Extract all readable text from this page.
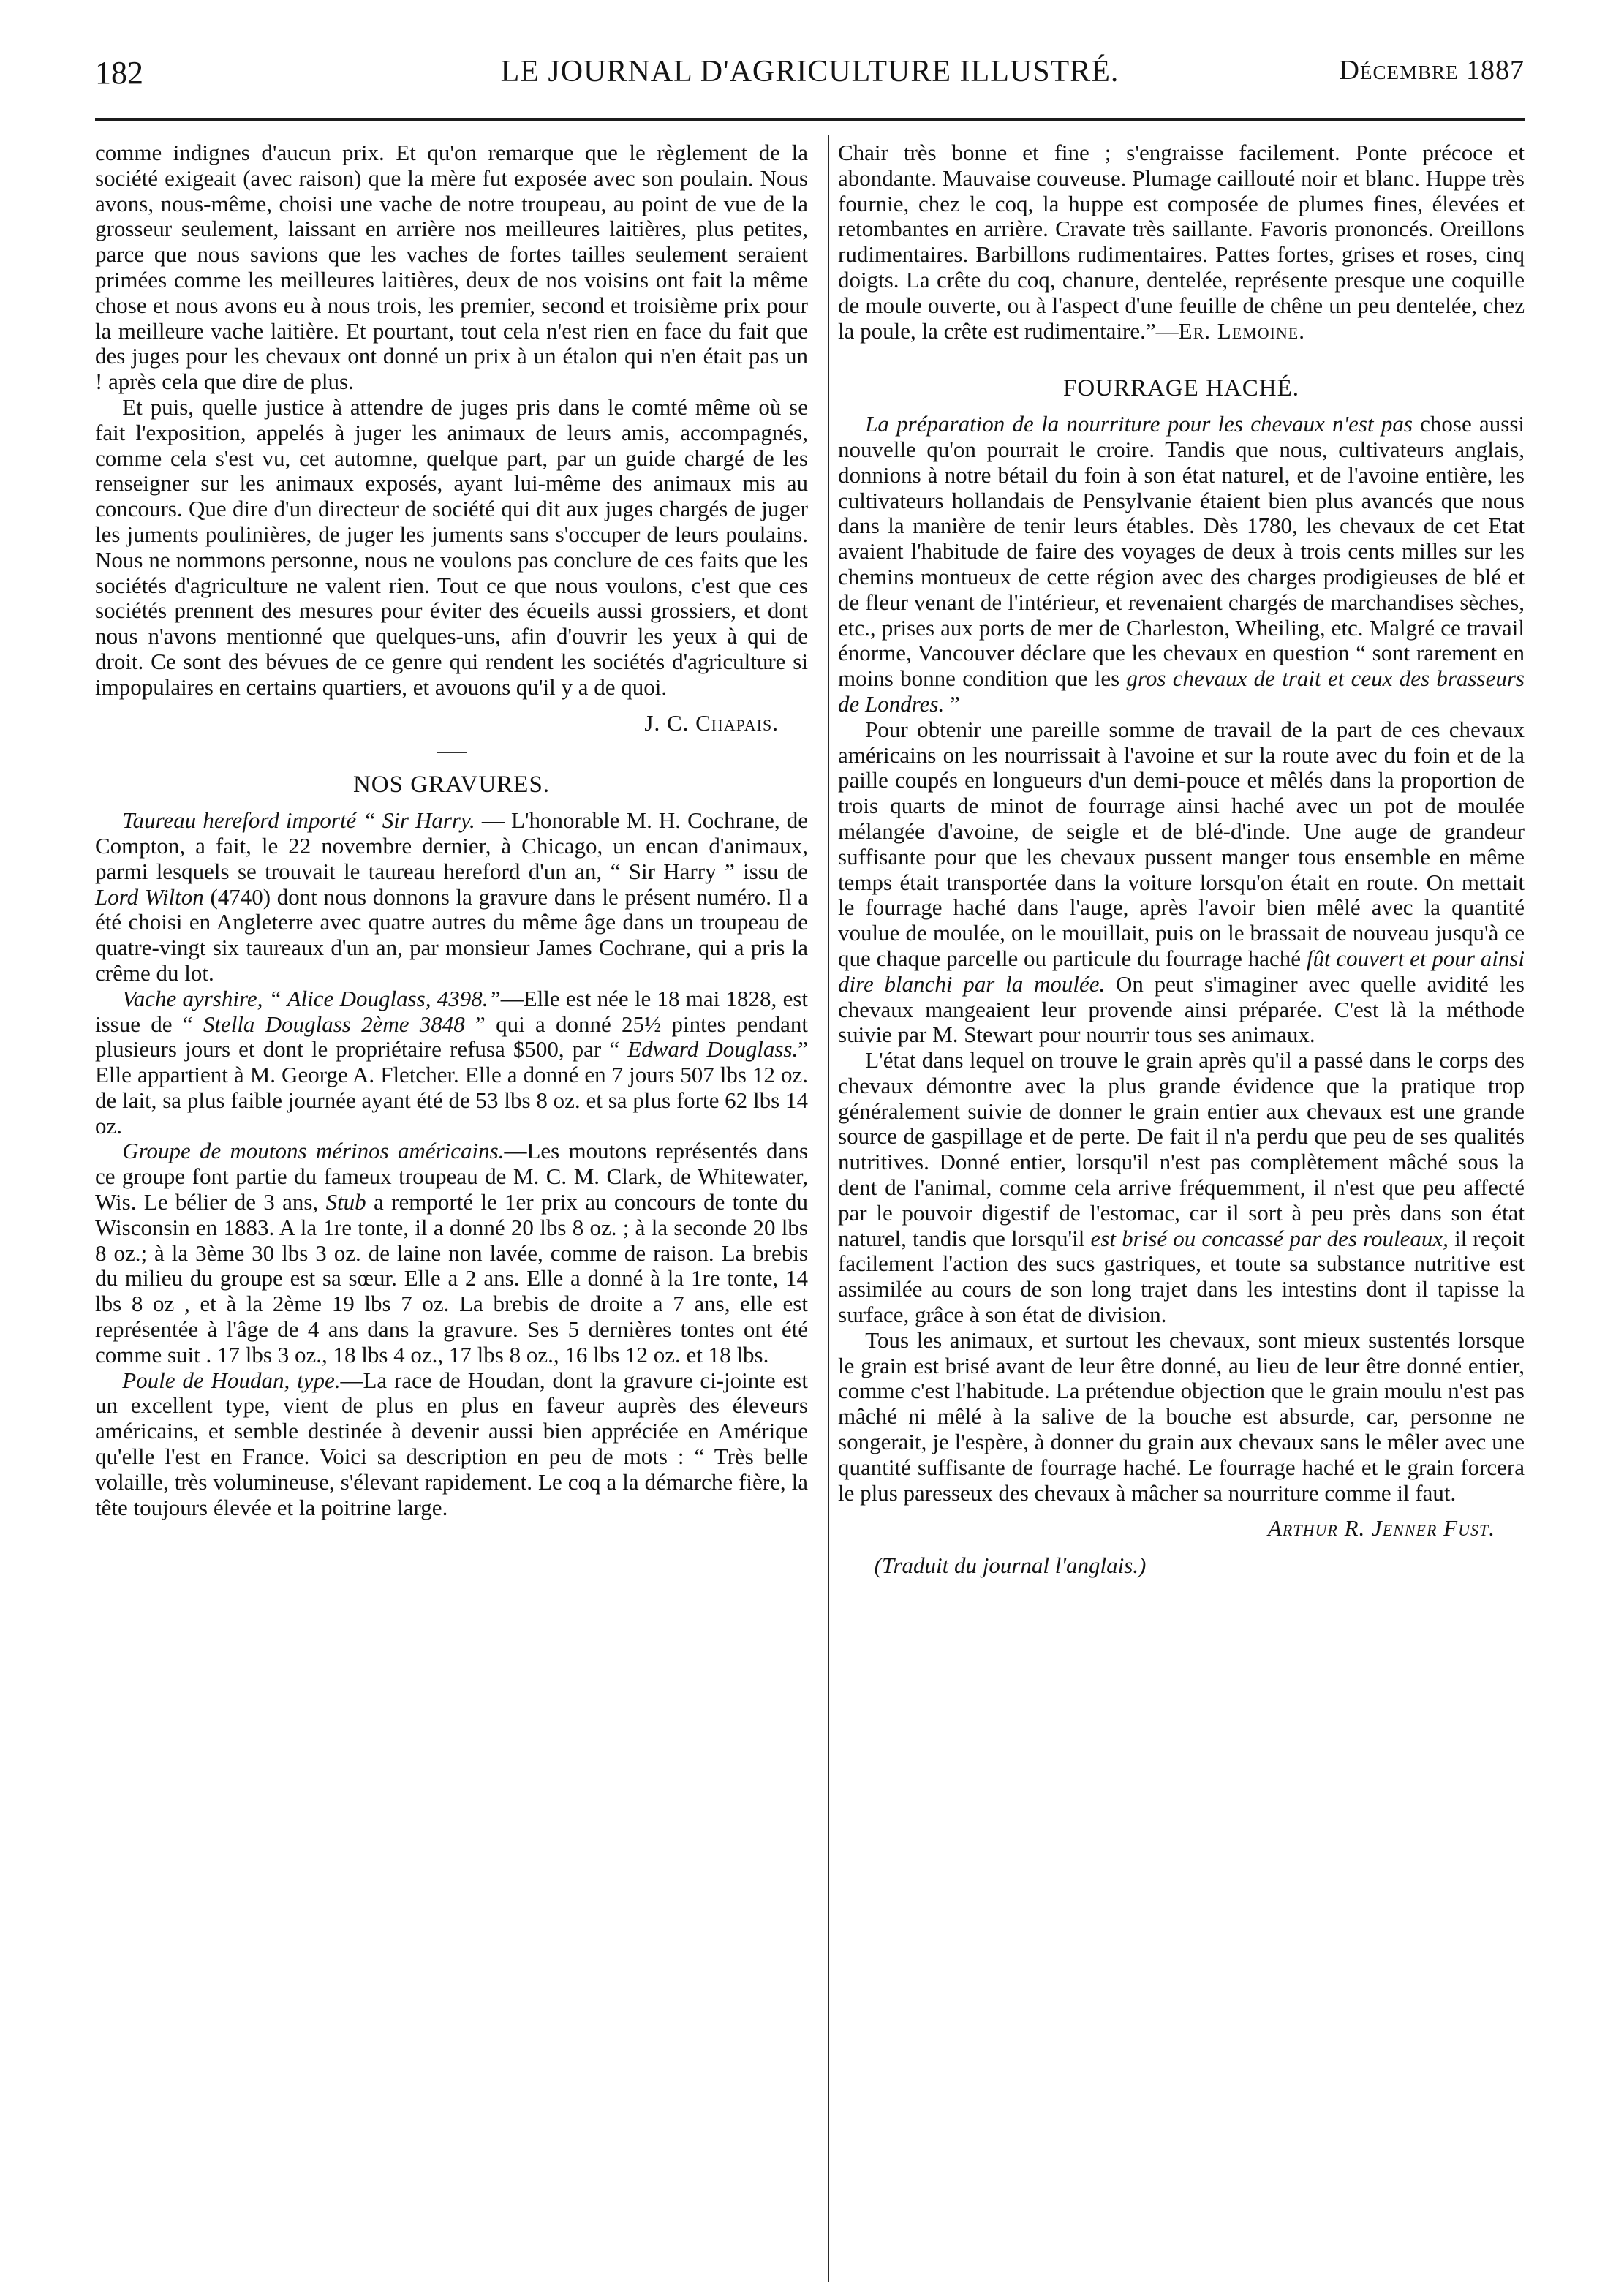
182	LE JOURNAL D'AGRICULTURE ILLUSTRÉ.	Décembre 1887

comme indignes d'aucun prix. Et qu'on remarque que le règlement de la société exigeait (avec raison) que la mère fut exposée avec son poulain. Nous avons, nous-même, choisi une vache de notre troupeau, au point de vue de la grosseur seulement, laissant en arrière nos meilleures laitières, plus petites, parce que nous savions que les vaches de fortes tailles seulement seraient primées comme les meilleures laitières, deux de nos voisins ont fait la même chose et nous avons eu à nous trois, les premier, second et troisième prix pour la meilleure vache laitière. Et pourtant, tout cela n'est rien en face du fait que des juges pour les chevaux ont donné un prix à un étalon qui n'en était pas un ! après cela que dire de plus.

Et puis, quelle justice à attendre de juges pris dans le comté même où se fait l'exposition, appelés à juger les animaux de leurs amis, accompagnés, comme cela s'est vu, cet automne, quelque part, par un guide chargé de les renseigner sur les animaux exposés, ayant lui-même des animaux mis au concours. Que dire d'un directeur de société qui dit aux juges chargés de juger les juments poulinières, de juger les juments sans s'occuper de leurs poulains. Nous ne nommons personne, nous ne voulons pas conclure de ces faits que les sociétés d'agriculture ne valent rien. Tout ce que nous voulons, c'est que ces sociétés prennent des mesures pour éviter des écueils aussi grossiers, et dont nous n'avons mentionné que quelques-uns, afin d'ouvrir les yeux à qui de droit. Ce sont des bévues de ce genre qui rendent les sociétés d'agriculture si impopulaires en certains quartiers, et avouons qu'il y a de quoi.

J. C. Chapais.

NOS GRAVURES.

Taureau hereford importé “ Sir Harry. — L'honorable M. H. Cochrane, de Compton, a fait, le 22 novembre dernier, à Chicago, un encan d'animaux, parmi lesquels se trouvait le taureau hereford d'un an, “ Sir Harry ” issu de Lord Wilton (4740) dont nous donnons la gravure dans le présent numéro. Il a été choisi en Angleterre avec quatre autres du même âge dans un troupeau de quatre-vingt six taureaux d'un an, par monsieur James Cochrane, qui a pris la crême du lot.

Vache ayrshire, “ Alice Douglass, 4398.”—Elle est née le 18 mai 1828, est issue de “ Stella Douglass 2ème 3848 ” qui a donné 25½ pintes pendant plusieurs jours et dont le propriétaire refusa $500, par “ Edward Douglass.” Elle appartient à M. George A. Fletcher. Elle a donné en 7 jours 507 lbs 12 oz. de lait, sa plus faible journée ayant été de 53 lbs 8 oz. et sa plus forte 62 lbs 14 oz.

Groupe de moutons mérinos américains.—Les moutons représentés dans ce groupe font partie du fameux troupeau de M. C. M. Clark, de Whitewater, Wis. Le bélier de 3 ans, Stub a remporté le 1er prix au concours de tonte du Wisconsin en 1883. A la 1re tonte, il a donné 20 lbs 8 oz. ; à la seconde 20 lbs 8 oz.; à la 3ème 30 lbs 3 oz. de laine non lavée, comme de raison. La brebis du milieu du groupe est sa sœur. Elle a 2 ans. Elle a donné à la 1re tonte, 14 lbs 8 oz , et à la 2ème 19 lbs 7 oz. La brebis de droite a 7 ans, elle est représentée à l'âge de 4 ans dans la gravure. Ses 5 dernières tontes ont été comme suit . 17 lbs 3 oz., 18 lbs 4 oz., 17 lbs 8 oz., 16 lbs 12 oz. et 18 lbs.

Poule de Houdan, type.—La race de Houdan, dont la gravure ci-jointe est un excellent type, vient de plus en plus en faveur auprès des éleveurs américains, et semble destinée à devenir aussi bien appréciée en Amérique qu'elle l'est en France. Voici sa description en peu de mots : “ Très belle volaille, très volumineuse, s'élevant rapidement. Le coq a la démarche fière, la tête toujours élevée et la poitrine large.

Chair très bonne et fine ; s'engraisse facilement. Ponte précoce et abondante. Mauvaise couveuse. Plumage caillouté noir et blanc. Huppe très fournie, chez le coq, la huppe est composée de plumes fines, élevées et retombantes en arrière. Cravate très saillante. Favoris prononcés. Oreillons rudimentaires. Barbillons rudimentaires. Pattes fortes, grises et roses, cinq doigts. La crête du coq, chanure, dentelée, représente presque une coquille de moule ouverte, ou à l'aspect d'une feuille de chêne un peu dentelée, chez la poule, la crête est rudimentaire.”—Er. Lemoine.

FOURRAGE HACHÉ.

La préparation de la nourriture pour les chevaux n'est pas chose aussi nouvelle qu'on pourrait le croire. Tandis que nous, cultivateurs anglais, donnions à notre bétail du foin à son état naturel, et de l'avoine entière, les cultivateurs hollandais de Pensylvanie étaient bien plus avancés que nous dans la manière de tenir leurs étables. Dès 1780, les chevaux de cet Etat avaient l'habitude de faire des voyages de deux à trois cents milles sur les chemins montueux de cette région avec des charges prodigieuses de blé et de fleur venant de l'intérieur, et revenaient chargés de marchandises sèches, etc., prises aux ports de mer de Charleston, Wheiling, etc. Malgré ce travail énorme, Vancouver déclare que les chevaux en question “ sont rarement en moins bonne condition que les gros chevaux de trait et ceux des brasseurs de Londres. ”

Pour obtenir une pareille somme de travail de la part de ces chevaux américains on les nourrissait à l'avoine et sur la route avec du foin et de la paille coupés en longueurs d'un demi-pouce et mêlés dans la proportion de trois quarts de minot de fourrage ainsi haché avec un pot de moulée mélangée d'avoine, de seigle et de blé-d'inde. Une auge de grandeur suffisante pour que les chevaux pussent manger tous ensemble en même temps était transportée dans la voiture lorsqu'on était en route. On mettait le fourrage haché dans l'auge, après l'avoir bien mêlé avec la quantité voulue de moulée, on le mouillait, puis on le brassait de nouveau jusqu'à ce que chaque parcelle ou particule du fourrage haché fût couvert et pour ainsi dire blanchi par la moulée. On peut s'imaginer avec quelle avidité les chevaux mangeaient leur provende ainsi préparée. C'est là la méthode suivie par M. Stewart pour nourrir tous ses animaux.

L'état dans lequel on trouve le grain après qu'il a passé dans le corps des chevaux démontre avec la plus grande évidence que la pratique trop généralement suivie de donner le grain entier aux chevaux est une grande source de gaspillage et de perte. De fait il n'a perdu que peu de ses qualités nutritives. Donné entier, lorsqu'il n'est pas complètement mâché sous la dent de l'animal, comme cela arrive fréquemment, il n'est que peu affecté par le pouvoir digestif de l'estomac, car il sort à peu près dans son état naturel, tandis que lorsqu'il est brisé ou concassé par des rouleaux, il reçoit facilement l'action des sucs gastriques, et toute sa substance nutritive est assimilée au cours de son long trajet dans les intestins dont il tapisse la surface, grâce à son état de division.

Tous les animaux, et surtout les chevaux, sont mieux sustentés lorsque le grain est brisé avant de leur être donné, au lieu de leur être donné entier, comme c'est l'habitude. La prétendue objection que le grain moulu n'est pas mâché ni mêlé à la salive de la bouche est absurde, car, personne ne songerait, je l'espère, à donner du grain aux chevaux sans le mêler avec une quantité suffisante de fourrage haché. Le fourrage haché et le grain forcera le plus paresseux des chevaux à mâcher sa nourriture comme il faut.

Arthur R. Jenner Fust.

(Traduit du journal l'anglais.)
